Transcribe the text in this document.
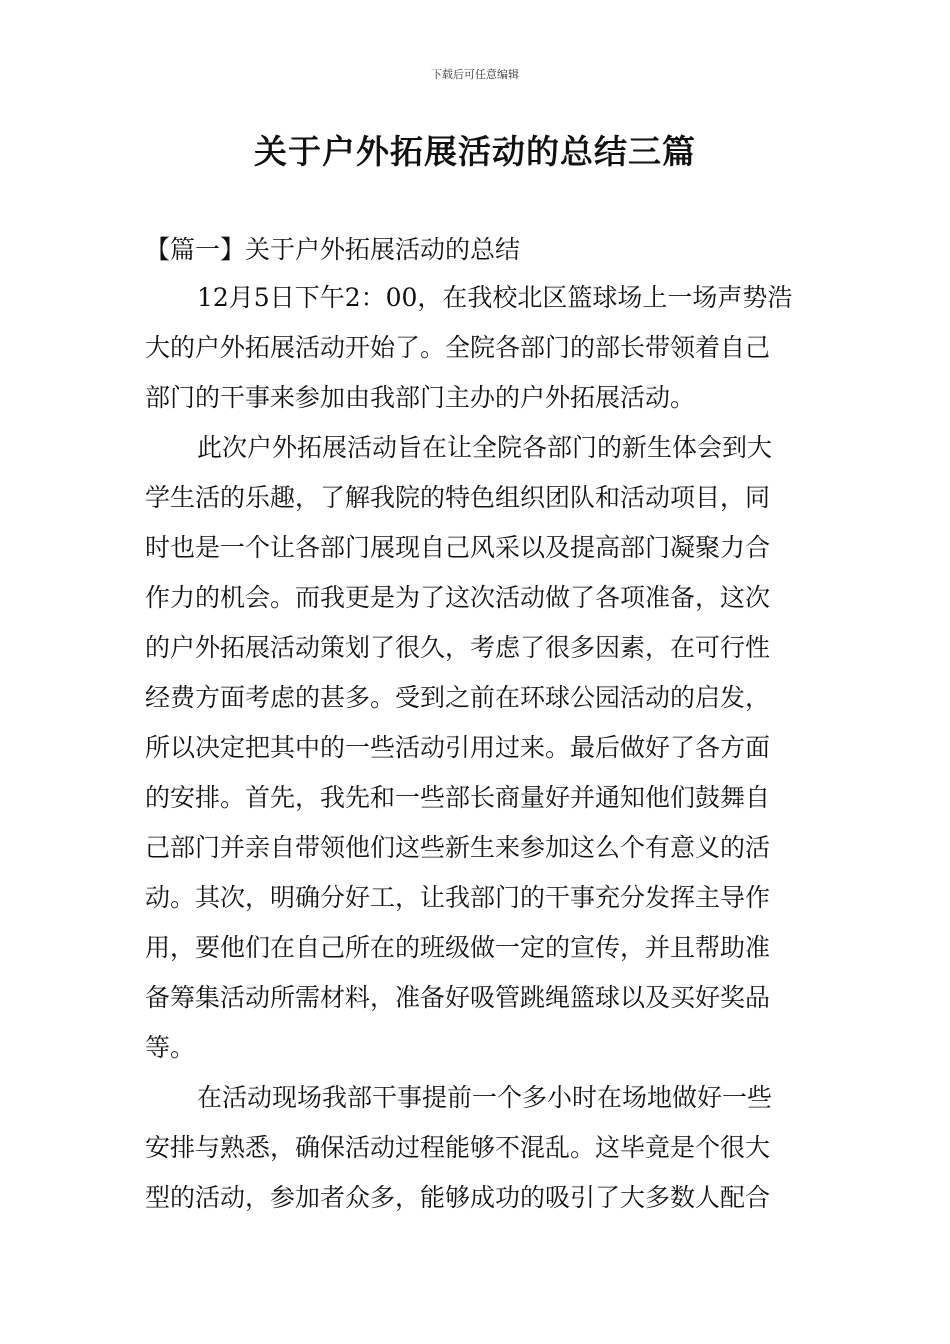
下载后可任意编辑
关于户外拓展活动的总结三篇
【篇一】关于户外拓展活动的总结
12月5日下午2：00，在我校北区篮球场上一场声势浩
大的户外拓展活动开始了。全院各部门的部长带领着自己
部门的干事来参加由我部门主办的户外拓展活动。
此次户外拓展活动旨在让全院各部门的新生体会到大
学生活的乐趣，了解我院的特色组织团队和活动项目，同
时也是一个让各部门展现自己风采以及提高部门凝聚力合
作力的机会。而我更是为了这次活动做了各项准备，这次
的户外拓展活动策划了很久，考虑了很多因素，在可行性
经费方面考虑的甚多。受到之前在环球公园活动的启发，
所以决定把其中的一些活动引用过来。最后做好了各方面
的安排。首先，我先和一些部长商量好并通知他们鼓舞自
己部门并亲自带领他们这些新生来参加这么个有意义的活
动。其次，明确分好工，让我部门的干事充分发挥主导作
用，要他们在自己所在的班级做一定的宣传，并且帮助准
备筹集活动所需材料，准备好吸管跳绳篮球以及买好奖品
等。
在活动现场我部干事提前一个多小时在场地做好一些
安排与熟悉，确保活动过程能够不混乱。这毕竟是个很大
型的活动，参加者众多，能够成功的吸引了大多数人配合
